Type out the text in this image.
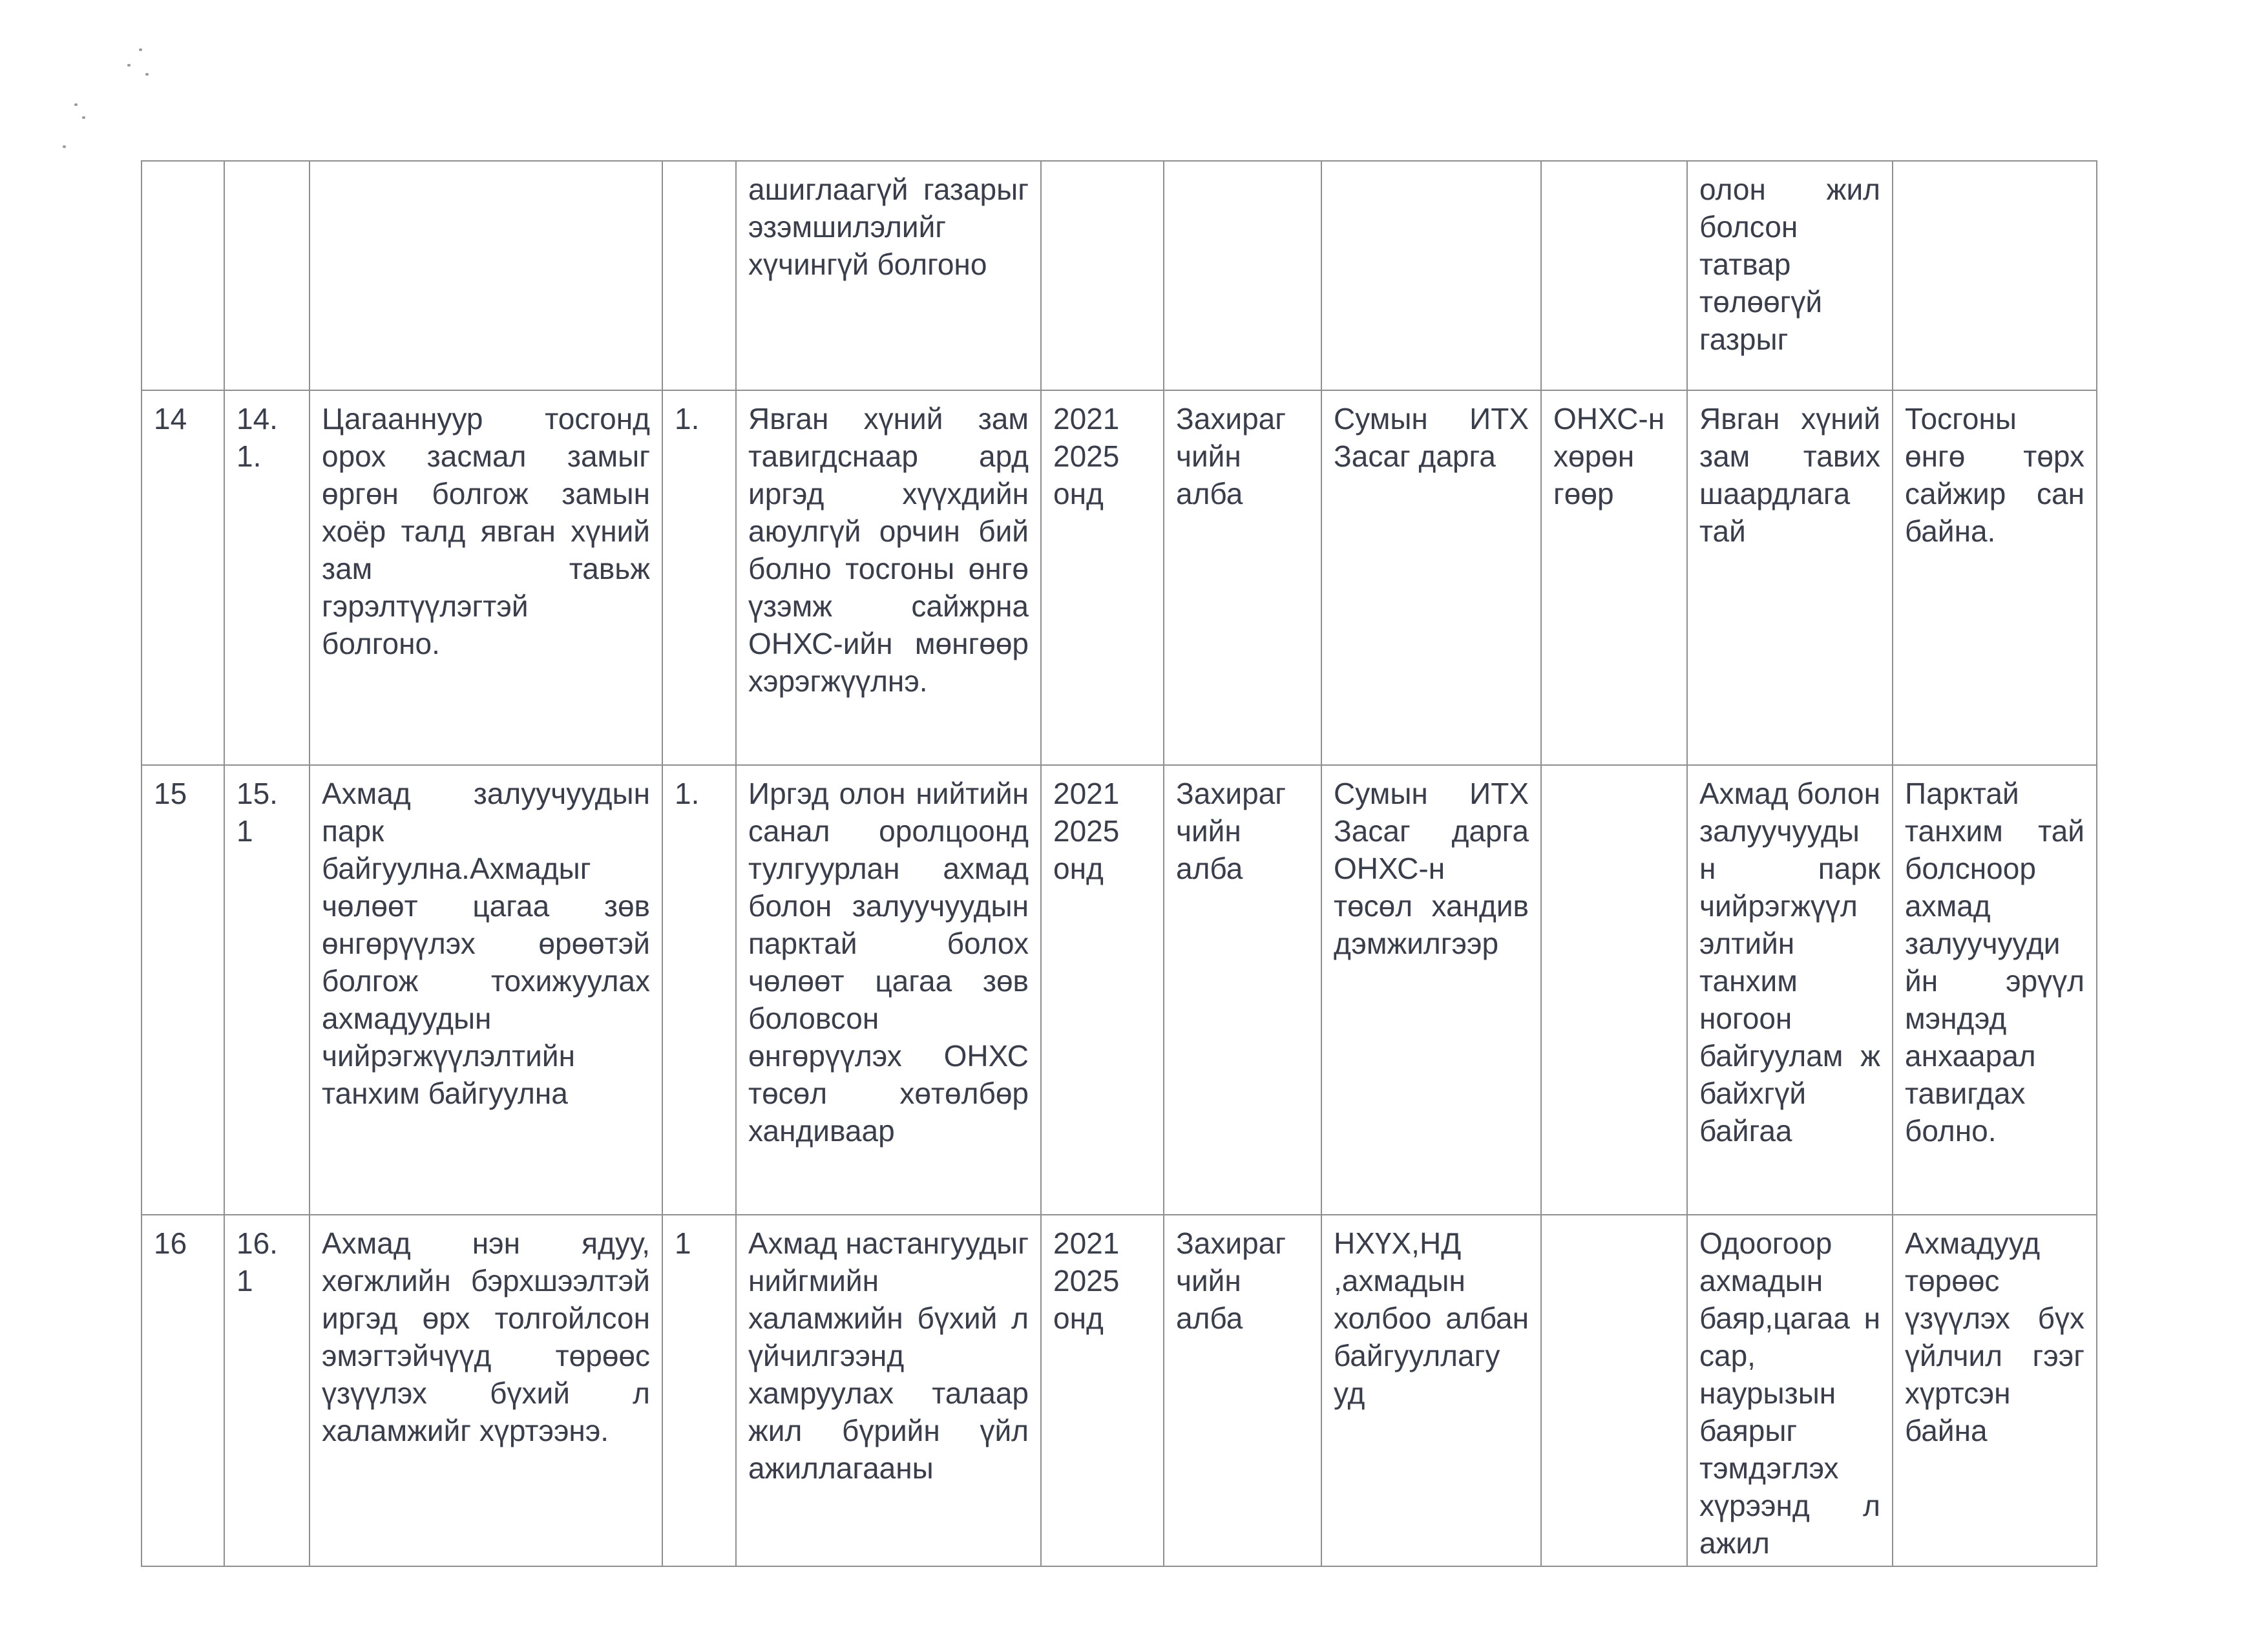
				ашиглаагүй газарыг эзэмшилэлийг хүчингүй болгоно					олон жил болсон татвар төлөөгүй газрыг	
14	14. 1.	Цагааннуур тосгонд орох засмал замыг өргөн болгож замын хоёр талд явган хүний зам тавьж гэрэлтүүлэгтэй болгоно.	1.	Явган хүний зам тавигдснаар ард иргэд хүүхдийн аюулгүй орчин бий болно тосгоны өнгө үзэмж сайжрна ОНХС-ийн мөнгөөр хэрэгжүүлнэ.	2021 2025 онд	Захираг чийн алба	Сумын ИТХ Засаг дарга	ОНХС-н хөрөн гөөр	Явган хүний зам тавих шаардлага тай	Тосгоны өнгө төрх сайжир сан байна.
15	15. 1	Ахмад залуучуудын парк байгуулна.Ахмадыг чөлөөт цагаа зөв өнгөрүүлэх өрөөтэй болгож тохижуулах ахмадуудын чийрэгжүүлэлтийн танхим байгуулна	1.	Иргэд олон нийтийн санал оролцоонд тулгуурлан ахмад болон залуучуудын парктай болох чөлөөт цагаа зөв боловсон өнгөрүүлэх ОНХС төсөл хөтөлбөр хандиваар	2021 2025 онд	Захираг чийн алба	Сумын ИТХ Засаг дарга ОНХС-н төсөл хандив дэмжилгээр		Ахмад болон залуучууды н парк чийрэгжүүл элтийн танхим ногоон байгуулам ж байхгүй байгаа	Парктай танхим тай болсноор ахмад залуучууди йн эрүүл мэндэд анхаарал тавигдах болно.
16	16. 1	Ахмад нэн ядуу, хөгжлийн бэрхшээлтэй иргэд өрх толгойлсон эмэгтэйчүүд төрөөс үзүүлэх бүхий л халамжийг хүртээнэ.	1	Ахмад настангуудыг нийгмийн халамжийн бүхий л үйчилгээнд хамруулах талаар жил бүрийн үйл ажиллагааны	2021 2025 онд	Захираг чийн алба	НХҮХ,НД ,ахмадын холбоо албан байгууллагу уд		Одоогоор ахмадын баяр,цагаа н сар, наурызын баярыг тэмдэглэх хүрээнд л ажил	Ахмадууд төрөөс үзүүлэх бүх үйлчил гээг хүртсэн байна
